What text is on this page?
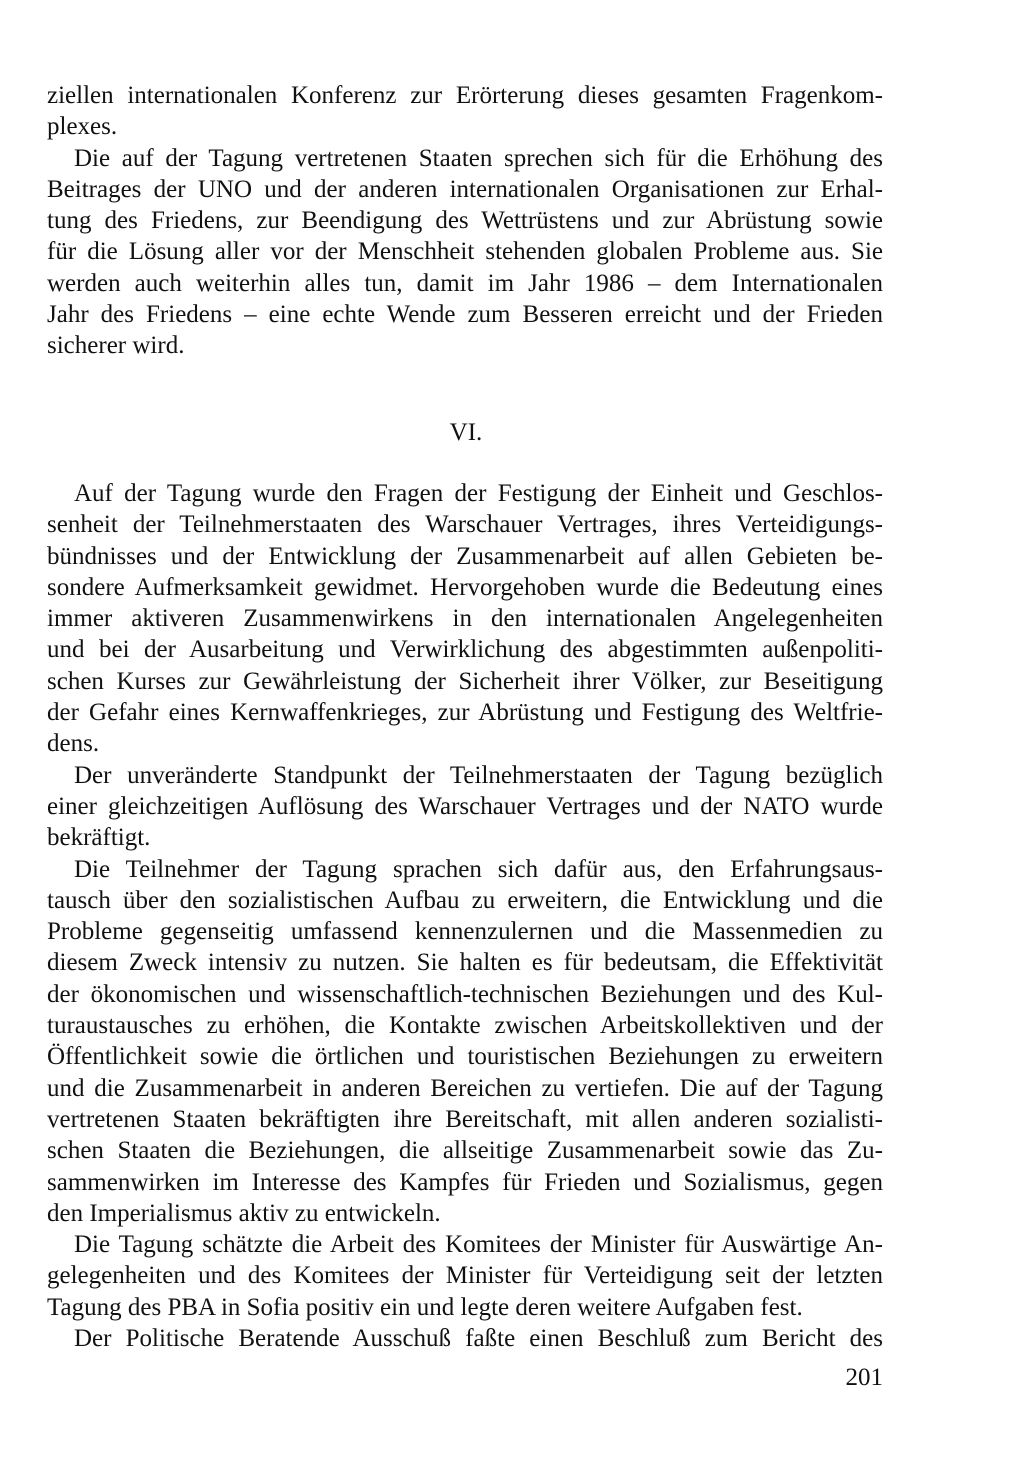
ziellen internationalen Konferenz zur Erörterung dieses gesamten Fragenkom-
plexes.
Die auf der Tagung vertretenen Staaten sprechen sich für die Erhöhung des
Beitrages der UNO und der anderen internationalen Organisationen zur Erhal-
tung des Friedens, zur Beendigung des Wettrüstens und zur Abrüstung sowie
für die Lösung aller vor der Menschheit stehenden globalen Probleme aus. Sie
werden auch weiterhin alles tun, damit im Jahr 1986 – dem Internationalen
Jahr des Friedens – eine echte Wende zum Besseren erreicht und der Frieden
sicherer wird.
VI.
Auf der Tagung wurde den Fragen der Festigung der Einheit und Geschlos-
senheit der Teilnehmerstaaten des Warschauer Vertrages, ihres Verteidigungs-
bündnisses und der Entwicklung der Zusammenarbeit auf allen Gebieten be-
sondere Aufmerksamkeit gewidmet. Hervorgehoben wurde die Bedeutung eines
immer aktiveren Zusammenwirkens in den internationalen Angelegenheiten
und bei der Ausarbeitung und Verwirklichung des abgestimmten außenpoliti-
schen Kurses zur Gewährleistung der Sicherheit ihrer Völker, zur Beseitigung
der Gefahr eines Kernwaffenkrieges, zur Abrüstung und Festigung des Weltfrie-
dens.
Der unveränderte Standpunkt der Teilnehmerstaaten der Tagung bezüglich
einer gleichzeitigen Auflösung des Warschauer Vertrages und der NATO wurde
bekräftigt.
Die Teilnehmer der Tagung sprachen sich dafür aus, den Erfahrungsaus-
tausch über den sozialistischen Aufbau zu erweitern, die Entwicklung und die
Probleme gegenseitig umfassend kennenzulernen und die Massenmedien zu
diesem Zweck intensiv zu nutzen. Sie halten es für bedeutsam, die Effektivität
der ökonomischen und wissenschaftlich-technischen Beziehungen und des Kul-
turaustausches zu erhöhen, die Kontakte zwischen Arbeitskollektiven und der
Öffentlichkeit sowie die örtlichen und touristischen Beziehungen zu erweitern
und die Zusammenarbeit in anderen Bereichen zu vertiefen. Die auf der Tagung
vertretenen Staaten bekräftigten ihre Bereitschaft, mit allen anderen sozialisti-
schen Staaten die Beziehungen, die allseitige Zusammenarbeit sowie das Zu-
sammenwirken im Interesse des Kampfes für Frieden und Sozialismus, gegen
den Imperialismus aktiv zu entwickeln.
Die Tagung schätzte die Arbeit des Komitees der Minister für Auswärtige An-
gelegenheiten und des Komitees der Minister für Verteidigung seit der letzten
Tagung des PBA in Sofia positiv ein und legte deren weitere Aufgaben fest.
Der Politische Beratende Ausschuß faßte einen Beschluß zum Bericht des
201
